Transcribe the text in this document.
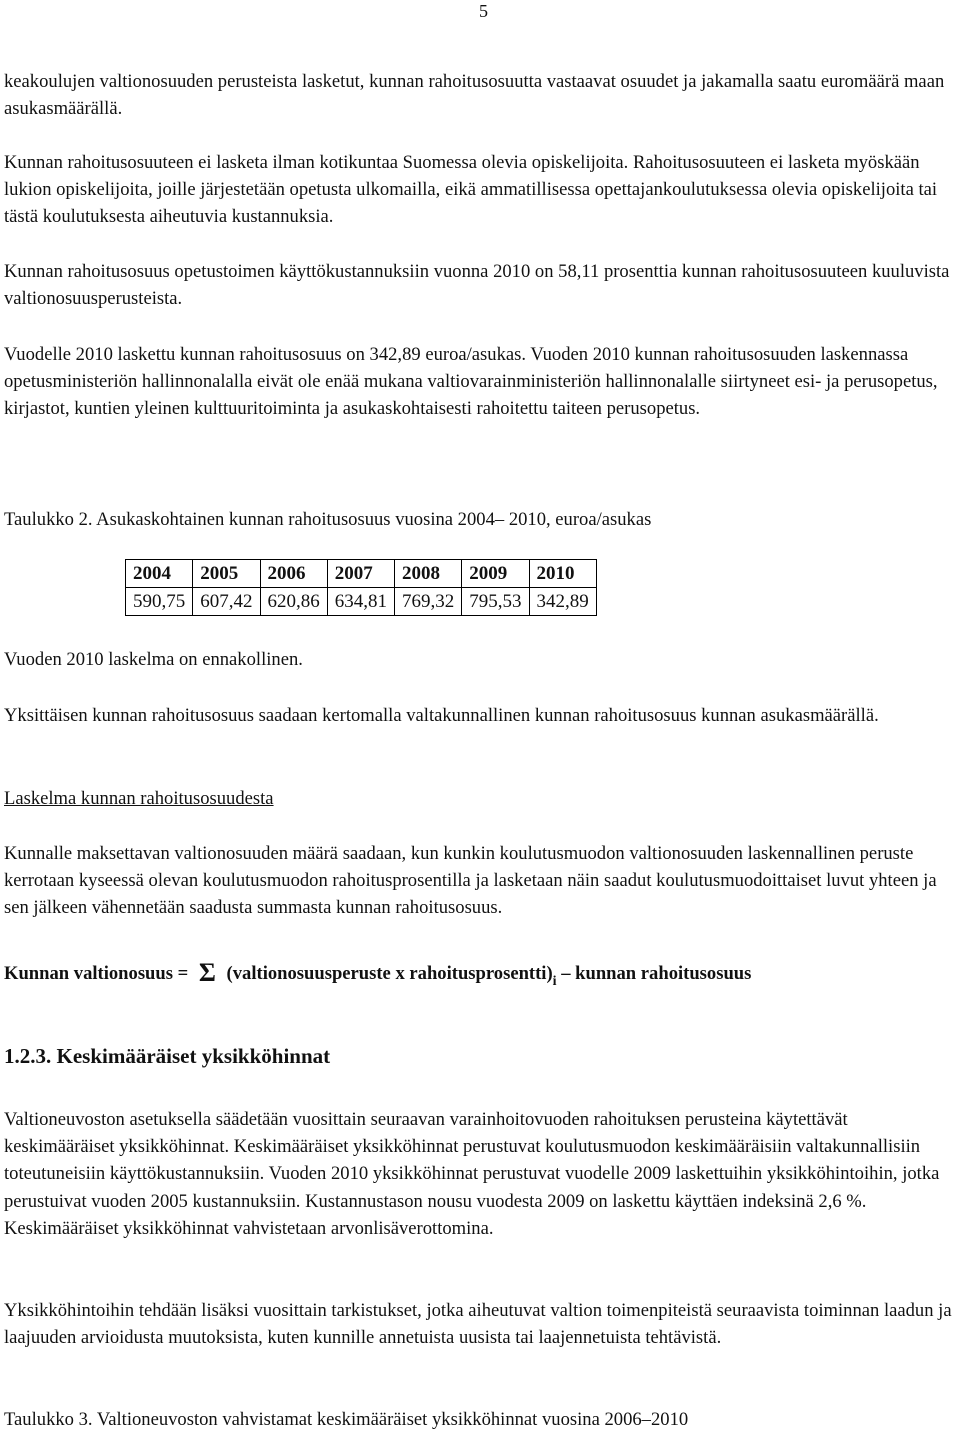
5

keakoulujen valtionosuuden perusteista lasketut, kunnan rahoitusosuutta vastaavat osuudet ja jakamalla saatu euromäärä maan asukasmäärällä.

Kunnan rahoitusosuuteen ei lasketa ilman kotikuntaa Suomessa olevia opiskelijoita. Rahoitusosuuteen ei lasketa myöskään lukion opiskelijoita, joille järjestetään opetusta ulkomailla, eikä ammatillisessa opettajankoulutuksessa olevia opiskelijoita tai tästä koulutuksesta aiheutuvia kustannuksia.

Kunnan rahoitusosuus opetustoimen käyttökustannuksiin vuonna 2010 on 58,11 prosenttia kunnan rahoitusosuuteen kuuluvista valtionosuusperusteista.

Vuodelle 2010 laskettu kunnan rahoitusosuus on 342,89 euroa/asukas. Vuoden 2010 kunnan rahoitusosuuden laskennassa opetusministeriön hallinnonalalla eivät ole enää mukana valtiovarainministeriön hallinnonalalle siirtyneet esi- ja perusopetus, kirjastot, kuntien yleinen kulttuuritoiminta ja asukaskohtaisesti rahoitettu taiteen perusopetus.

Taulukko 2. Asukaskohtainen kunnan rahoitusosuus vuosina 2004– 2010, euroa/asukas

2004	2005	2006	2007	2008	2009	2010
590,75	607,42	620,86	634,81	769,32	795,53	342,89

Vuoden 2010 laskelma on ennakollinen.

Yksittäisen kunnan rahoitusosuus saadaan kertomalla valtakunnallinen kunnan rahoitusosuus kunnan asukasmäärällä.

Laskelma kunnan rahoitusosuudesta

Kunnalle maksettavan valtionosuuden määrä saadaan, kun kunkin koulutusmuodon valtionosuuden laskennallinen peruste kerrotaan kyseessä olevan koulutusmuodon rahoitusprosentilla ja lasketaan näin saadut koulutusmuodoittaiset luvut yhteen ja sen jälkeen vähennetään saadusta summasta kunnan rahoitusosuus.

Kunnan valtionosuus = Σ (valtionosuusperuste x $rahoitusprosentti)_i$ – kunnan rahoitusosuus

1.2.3. Keskimääräiset yksikköhinnat

Valtioneuvoston asetuksella säädetään vuosittain seuraavan varainhoitovuoden rahoituksen perusteina käytettävät keskimääräiset yksikköhinnat. Keskimääräiset yksikköhinnat perustuvat koulutusmuodon keskimääräisiin valtakunnallisiin toteutuneisiin käyttökustannuksiin. Vuoden 2010 yksikköhinnat perustuvat vuodelle 2009 laskettuihin yksikköhintoihin, jotka perustuivat vuoden 2005 kustannuksiin. Kustannustason nousu vuodesta 2009 on laskettu käyttäen indeksinä 2,6 %. Keskimääräiset yksikköhinnat vahvistetaan arvonlisäverottomina.

Yksikköhintoihin tehdään lisäksi vuosittain tarkistukset, jotka aiheutuvat valtion toimenpiteistä seuraavista toiminnan laadun ja laajuuden arvioidusta muutoksista, kuten kunnille annetuista uusista tai laajennetuista tehtävistä.

Taulukko 3. Valtioneuvoston vahvistamat keskimääräiset yksikköhinnat vuosina 2006–2010
